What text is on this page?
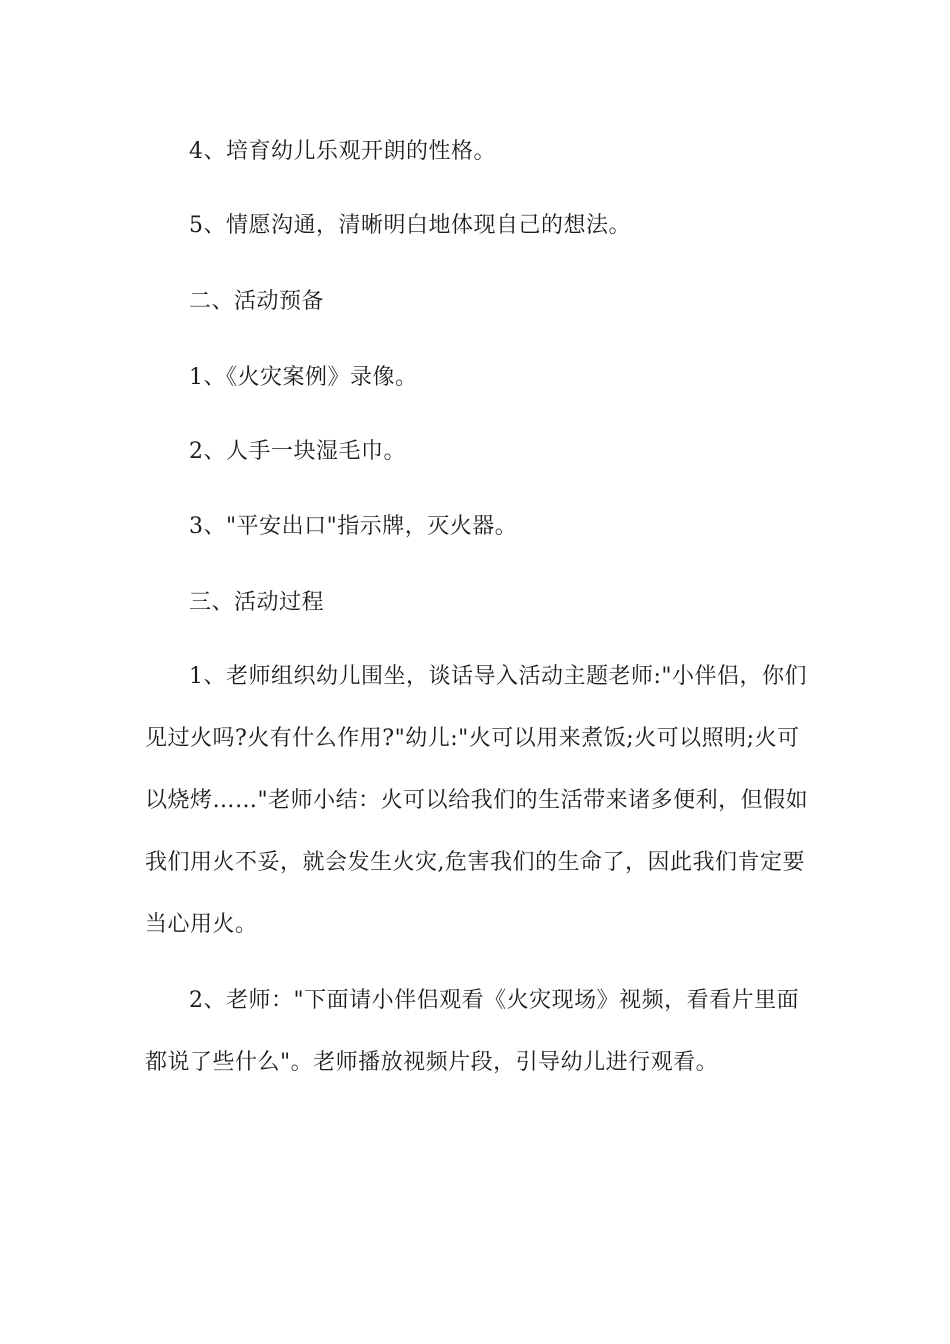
4、培育幼儿乐观开朗的性格。
5、情愿沟通，清晰明白地体现自己的想法。
二、活动预备
1、《火灾案例》录像。
2、人手一块湿毛巾。
3、"平安出口"指示牌，灭火器。
三、活动过程
1、老师组织幼儿围坐，谈话导入活动主题老师:"小伴侣，你们
见过火吗?火有什么作用?"幼儿:"火可以用来煮饭;火可以照明;火可
以烧烤……"老师小结：火可以给我们的生活带来诸多便利，但假如
我们用火不妥，就会发生火灾,危害我们的生命了，因此我们肯定要
当心用火。
2、老师："下面请小伴侣观看《火灾现场》视频，看看片里面
都说了些什么"。老师播放视频片段，引导幼儿进行观看。
